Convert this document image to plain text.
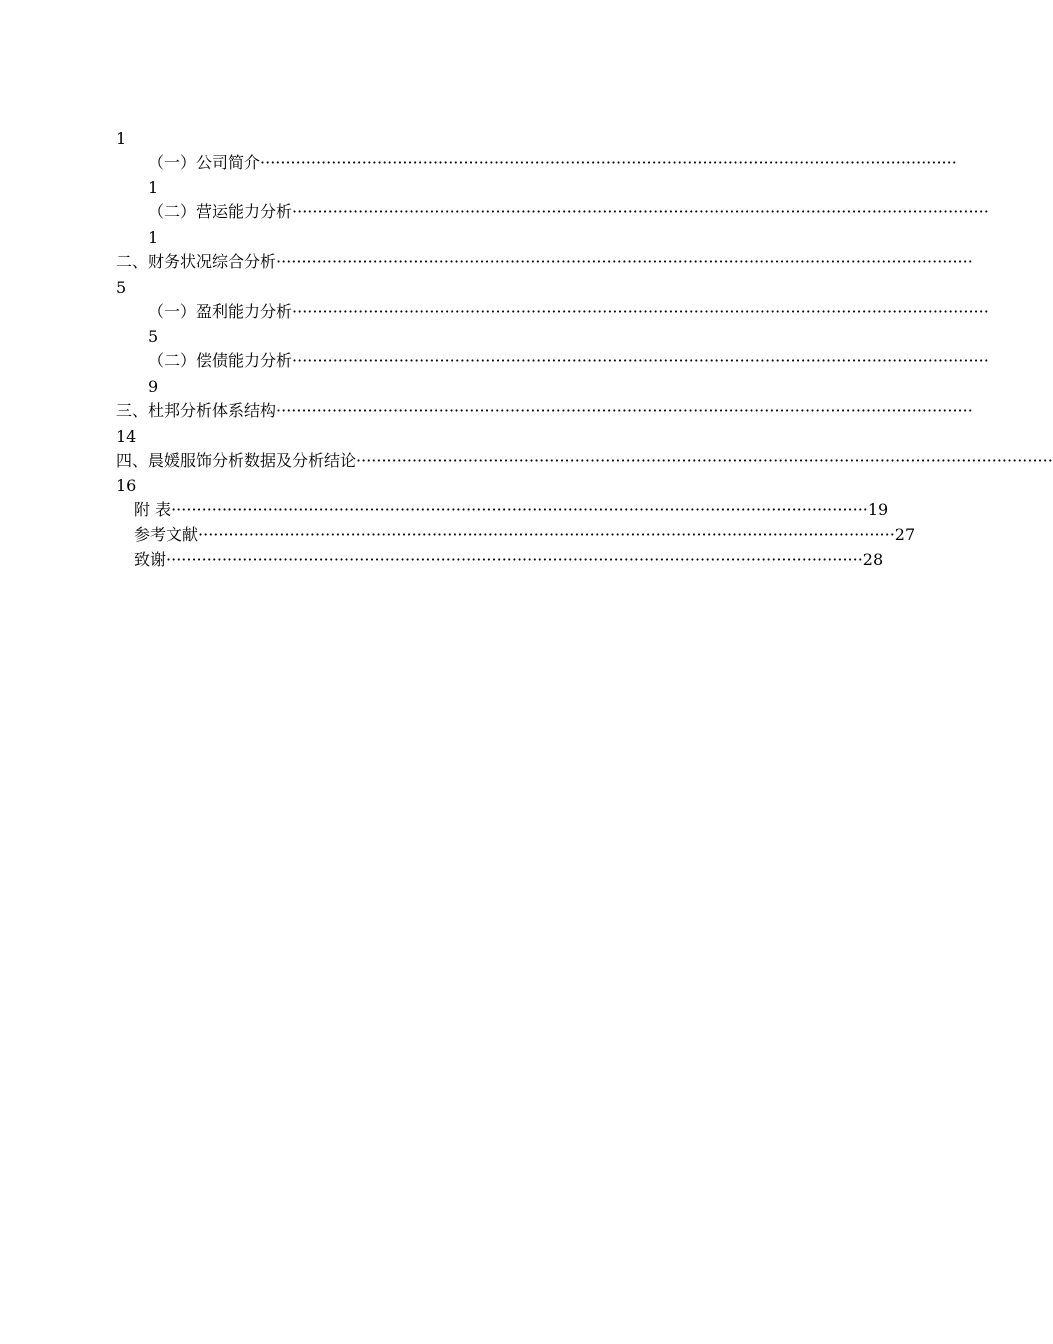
1
（一）公司简介 ·········································································································································
1
（二）营运能力分析 ·········································································································································
1
二、财务状况综合分析 ·········································································································································
5
（一）盈利能力分析 ·········································································································································
5
（二）偿债能力分析 ·········································································································································
9
三、杜邦分析体系结构 ·········································································································································
14
四、晨媛服饰分析数据及分析结论 ·········································································································································
16
附 表 ········································································································································· 19
参考文献 ········································································································································· 27
致谢 ········································································································································· 28
